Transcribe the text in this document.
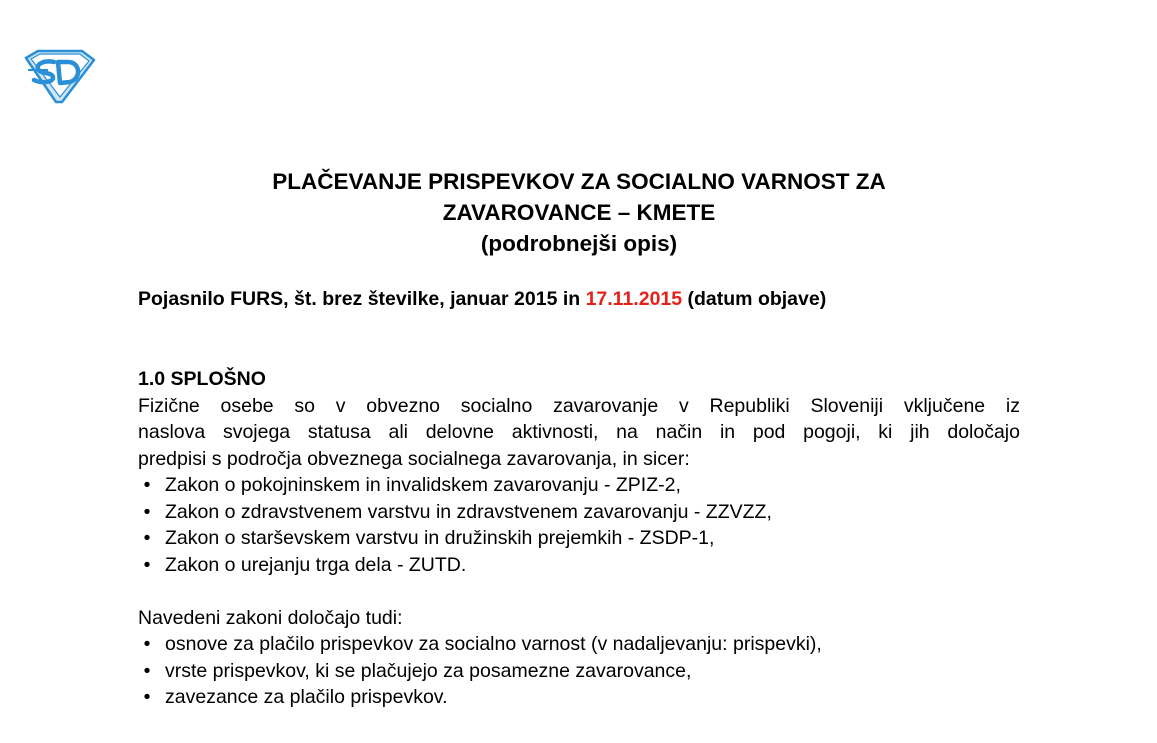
PLAČEVANJE PRISPEVKOV ZA SOCIALNO VARNOST ZA
ZAVAROVANCE – KMETE
(podrobnejši opis)
Pojasnilo FURS, št. brez številke, januar 2015 in 17.11.2015 (datum objave)
1.0 SPLOŠNO
Fizične osebe so v obvezno socialno zavarovanje v Republiki Sloveniji vključene iz
naslova svojega statusa ali delovne aktivnosti, na način in pod pogoji, ki jih določajo
predpisi s področja obveznega socialnega zavarovanja, in sicer:
• Zakon o pokojninskem in invalidskem zavarovanju - ZPIZ-2,
• Zakon o zdravstvenem varstvu in zdravstvenem zavarovanju - ZZVZZ,
• Zakon o starševskem varstvu in družinskih prejemkih - ZSDP-1,
• Zakon o urejanju trga dela - ZUTD.
Navedeni zakoni določajo tudi:
• osnove za plačilo prispevkov za socialno varnost (v nadaljevanju: prispevki),
• vrste prispevkov, ki se plačujejo za posamezne zavarovance,
• zavezance za plačilo prispevkov.
